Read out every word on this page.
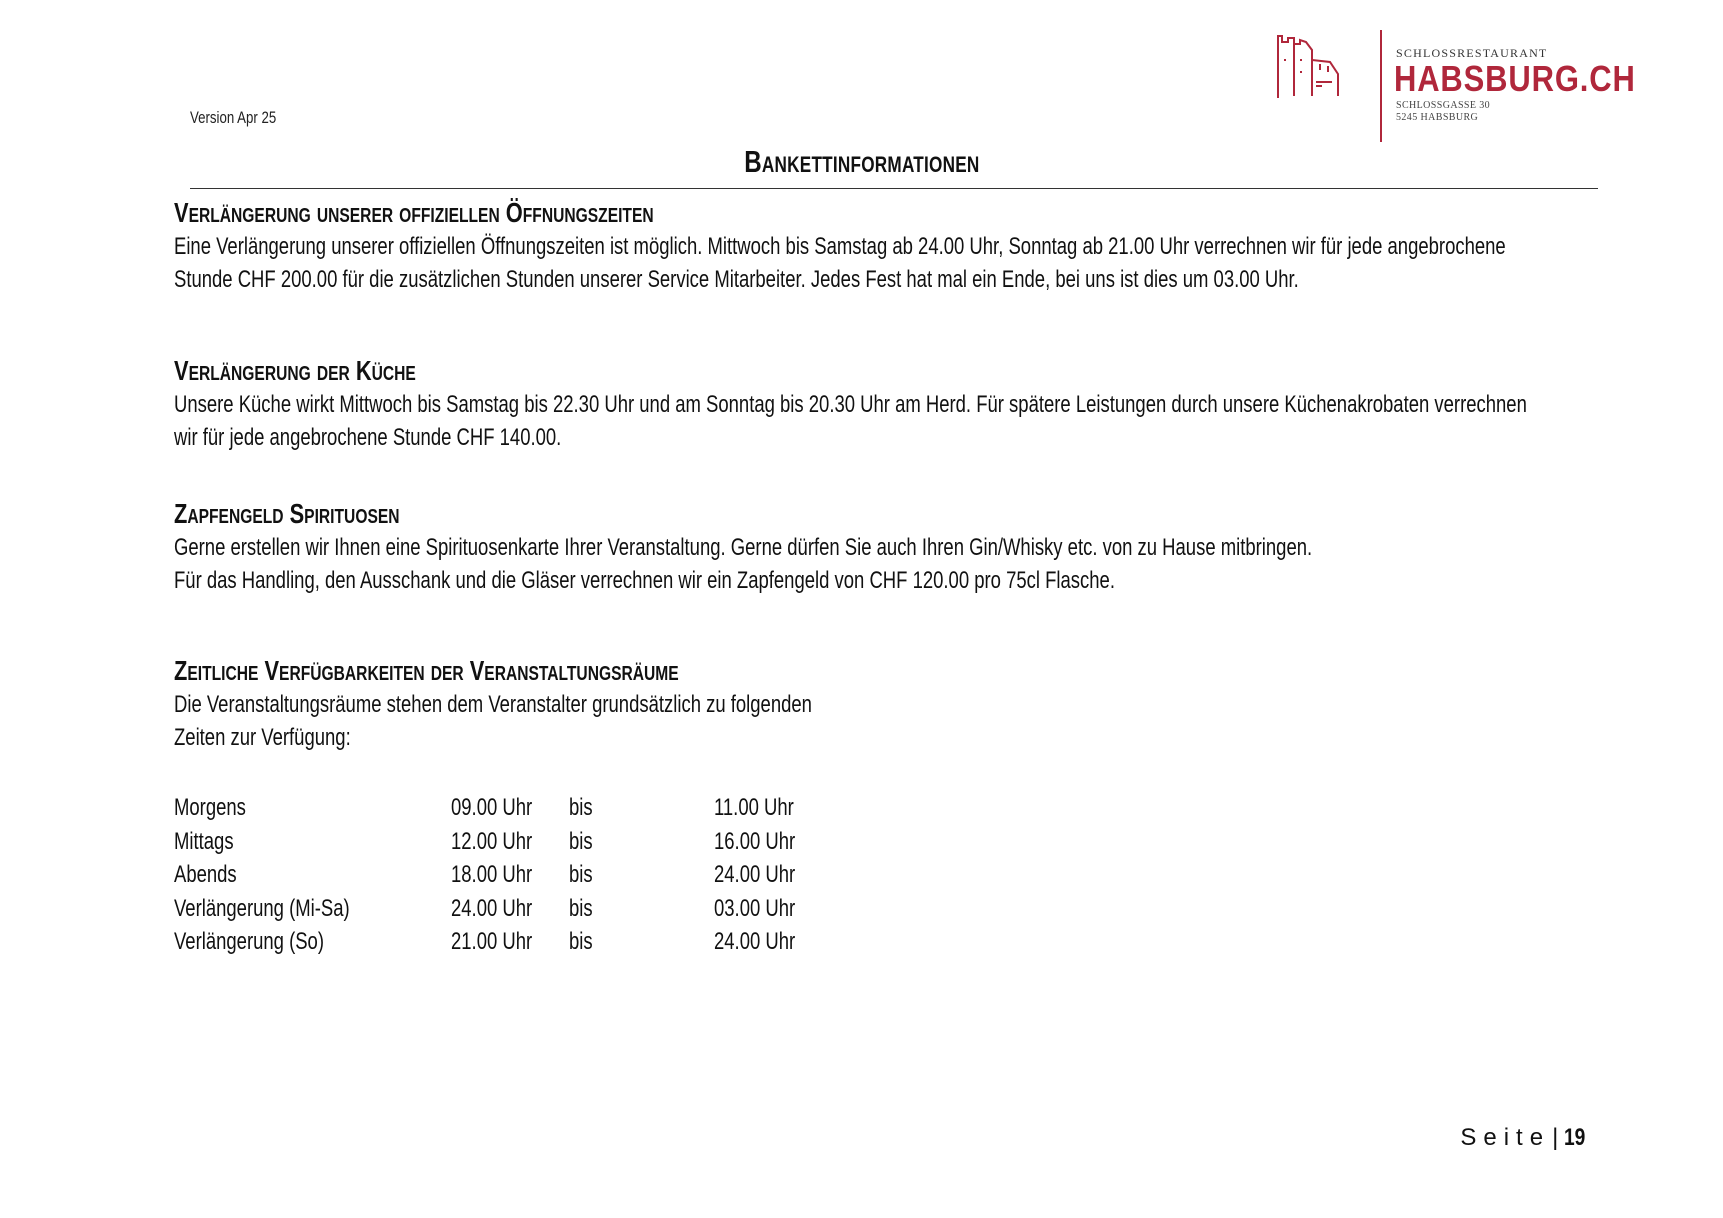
Version Apr 25
SCHLOSSRESTAURANT
HABSBURG.CH
SCHLOSSGASSE 30
5245 HABSBURG
Bankettinformationen
Verlängerung unserer offiziellen Öffnungszeiten
Eine Verlängerung unserer offiziellen Öffnungszeiten ist möglich. Mittwoch bis Samstag ab 24.00 Uhr, Sonntag ab 21.00 Uhr verrechnen wir für jede angebrochene
Stunde CHF 200.00 für die zusätzlichen Stunden unserer Service Mitarbeiter. Jedes Fest hat mal ein Ende, bei uns ist dies um 03.00 Uhr.
Verlängerung der Küche
Unsere Küche wirkt Mittwoch bis Samstag bis 22.30 Uhr und am Sonntag bis 20.30 Uhr am Herd. Für spätere Leistungen durch unsere Küchenakrobaten verrechnen
wir für jede angebrochene Stunde CHF 140.00.
Zapfengeld Spirituosen
Gerne erstellen wir Ihnen eine Spirituosenkarte Ihrer Veranstaltung. Gerne dürfen Sie auch Ihren Gin/Whisky etc. von zu Hause mitbringen.
Für das Handling, den Ausschank und die Gläser verrechnen wir ein Zapfengeld von CHF 120.00 pro 75cl Flasche.
Zeitliche Verfügbarkeiten der Veranstaltungsräume
Die Veranstaltungsräume stehen dem Veranstalter grundsätzlich zu folgenden
Zeiten zur Verfügung:
Morgens	09.00 Uhr bis	11.00 Uhr
Mittags	12.00 Uhr bis	16.00 Uhr
Abends	18.00 Uhr bis	24.00 Uhr
Verlängerung (Mi-Sa)	24.00 Uhr bis	03.00 Uhr
Verlängerung (So)	21.00 Uhr bis	24.00 Uhr
Seite| 19
